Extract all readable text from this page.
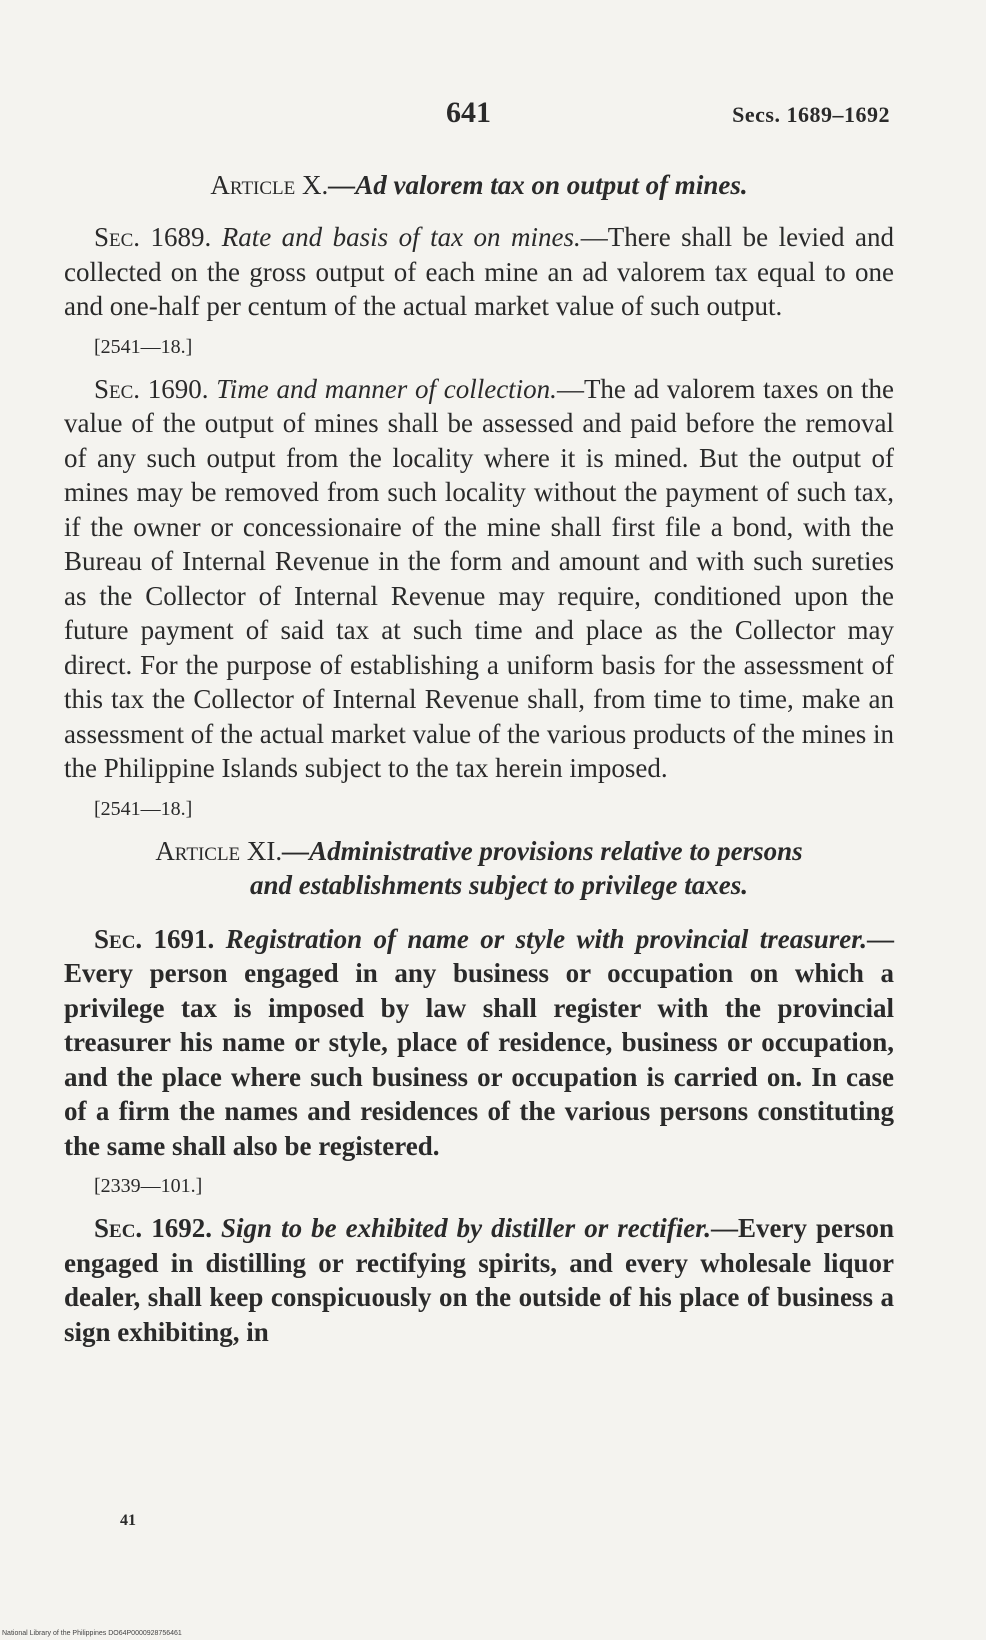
641	Secs. 1689–1692
Article X.—Ad valorem tax on output of mines.

Sec. 1689. Rate and basis of tax on mines.—There shall be levied and collected on the gross output of each mine an ad valorem tax equal to one and one-half per centum of the actual market value of such output.

[2541—18.]

Sec. 1690. Time and manner of collection.—The ad valorem taxes on the value of the output of mines shall be assessed and paid before the removal of any such output from the locality where it is mined. But the output of mines may be removed from such locality without the payment of such tax, if the owner or concessionaire of the mine shall first file a bond, with the Bureau of Internal Revenue in the form and amount and with such sureties as the Collector of Internal Revenue may require, conditioned upon the future payment of said tax at such time and place as the Collector may direct. For the purpose of establishing a uniform basis for the assessment of this tax the Collector of Internal Revenue shall, from time to time, make an assessment of the actual market value of the various products of the mines in the Philippine Islands subject to the tax herein imposed.

[2541—18.]
Article XI.—Administrative provisions relative to persons
and establishments subject to privilege taxes.

Sec. 1691. Registration of name or style with provincial treasurer.—Every person engaged in any business or occupation on which a privilege tax is imposed by law shall register with the provincial treasurer his name or style, place of residence, business or occupation, and the place where such business or occupation is carried on. In case of a firm the names and residences of the various persons constituting the same shall also be registered.

[2339—101.]

Sec. 1692. Sign to be exhibited by distiller or rectifier.—Every person engaged in distilling or rectifying spirits, and every wholesale liquor dealer, shall keep conspicuously on the outside of his place of business a sign exhibiting, in

41
National Library of the Philippines DO64P0000928756461
